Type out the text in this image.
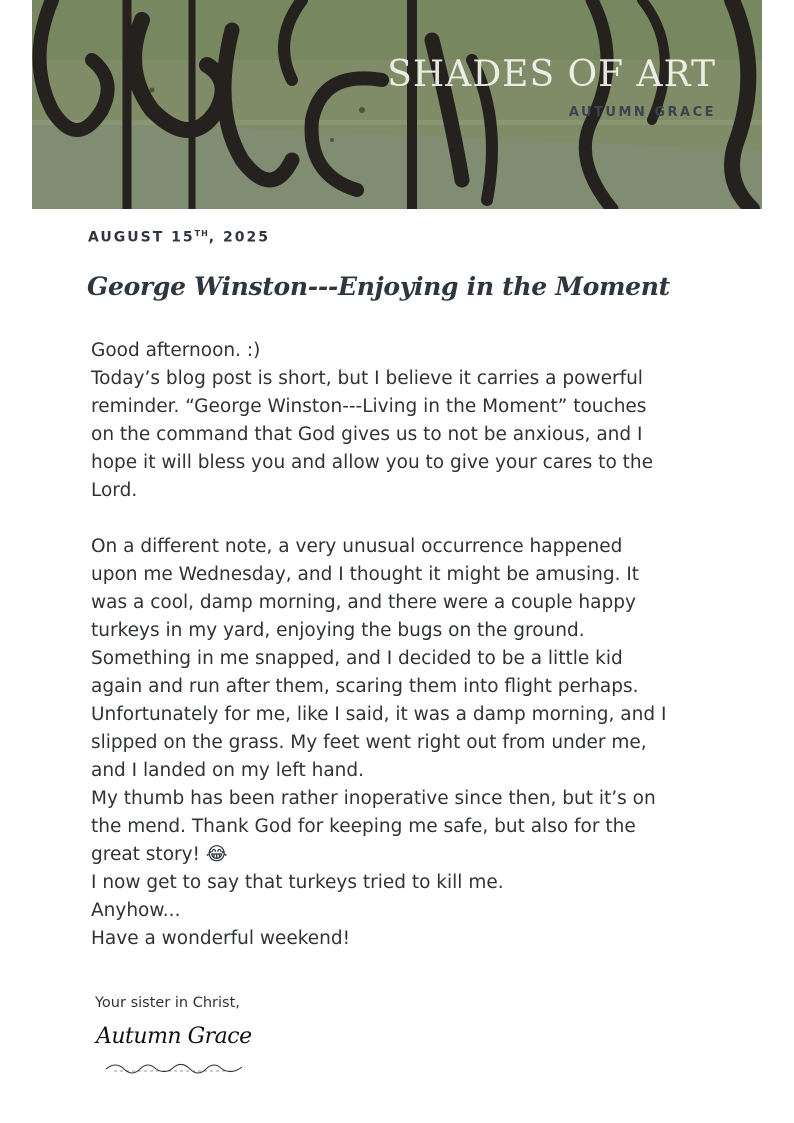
SHADES OF ART
AUTUMN GRACE
AUGUST 15TH, 2025
George Winston---Enjoying in the Moment

Good afternoon. :)

Today’s blog post is short, but I believe it carries a powerful reminder. “George Winston---Living in the Moment” touches on the command that God gives us to not be anxious, and I hope it will bless you and allow you to give your cares to the Lord.

On a different note, a very unusual occurrence happened upon me Wednesday, and I thought it might be amusing. It was a cool, damp morning, and there were a couple happy turkeys in my yard, enjoying the bugs on the ground.

Something in me snapped, and I decided to be a little kid again and run after them, scaring them into flight perhaps. Unfortunately for me, like I said, it was a damp morning, and I slipped on the grass. My feet went right out from under me, and I landed on my left hand.

My thumb has been rather inoperative since then, but it’s on the mend. Thank God for keeping me safe, but also for the great story! 😂

I now get to say that turkeys tried to kill me.

Anyhow...

Have a wonderful weekend!

Your sister in Christ,
Autumn Grace
